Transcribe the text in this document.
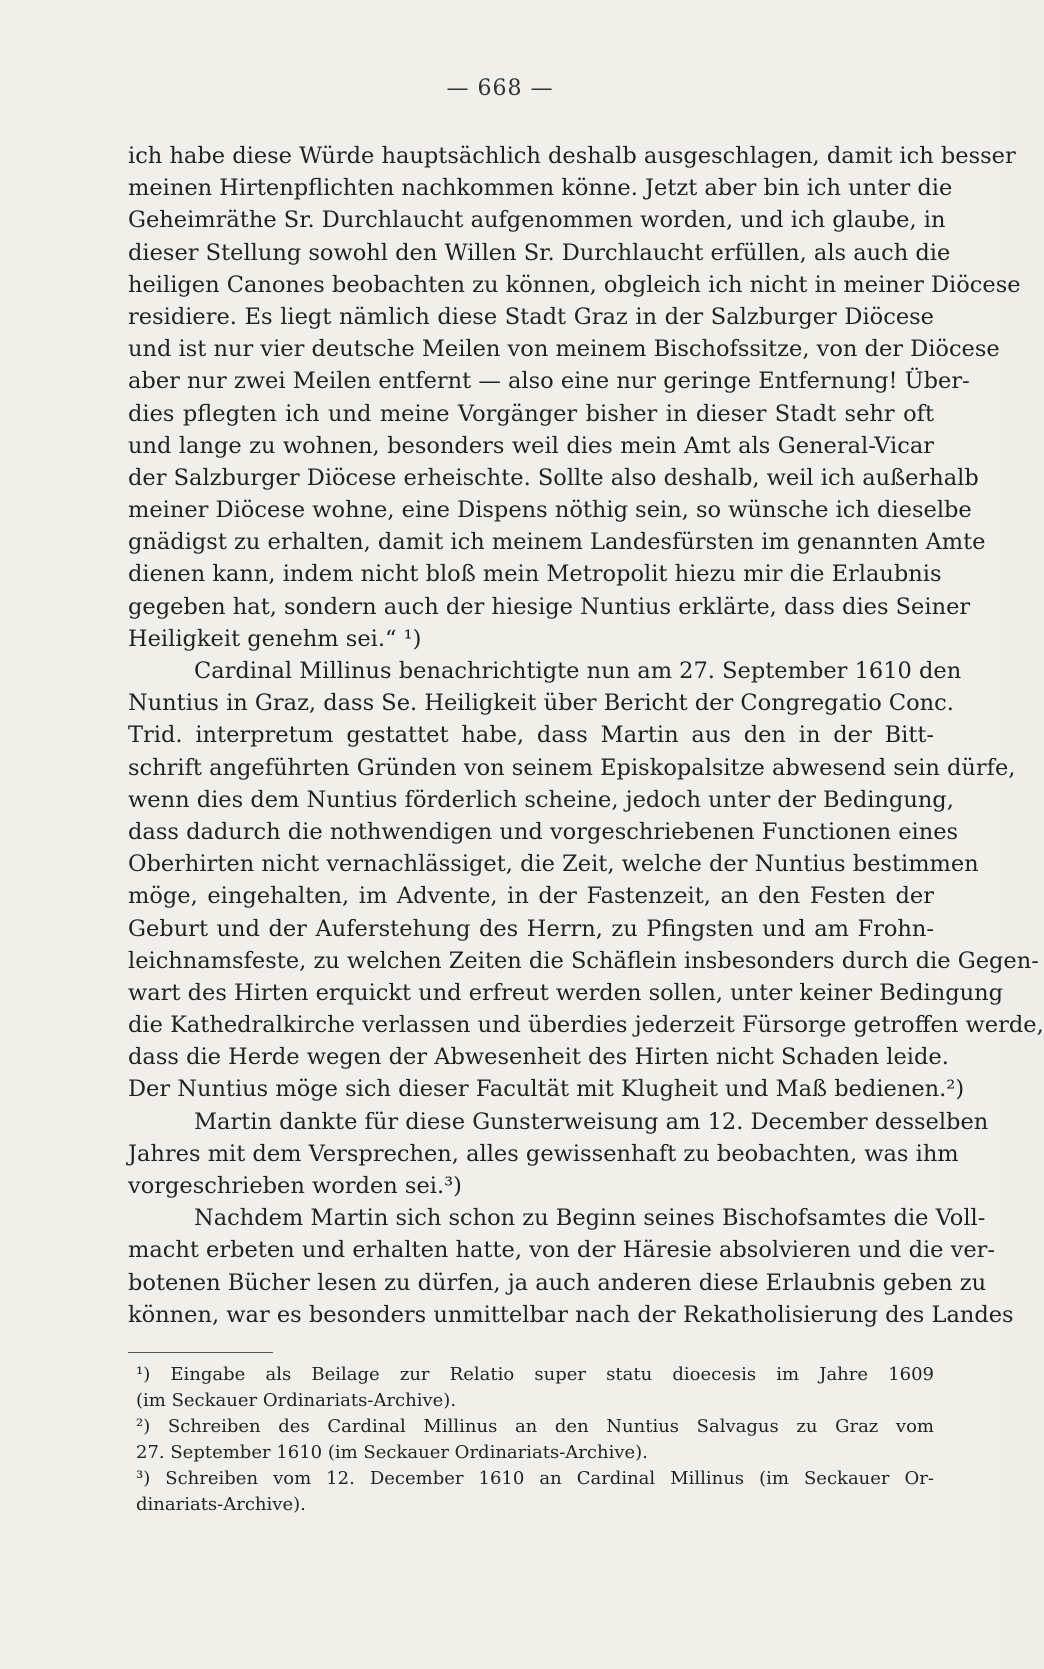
— 668 —
ich habe diese Würde hauptsächlich deshalb ausgeschlagen, damit ich besser
meinen Hirtenpflichten nachkommen könne. Jetzt aber bin ich unter die
Geheimräthe Sr. Durchlaucht aufgenommen worden, und ich glaube, in
dieser Stellung sowohl den Willen Sr. Durchlaucht erfüllen, als auch die
heiligen Canones beobachten zu können, obgleich ich nicht in meiner Diöcese
residiere. Es liegt nämlich diese Stadt Graz in der Salzburger Diöcese
und ist nur vier deutsche Meilen von meinem Bischofssitze, von der Diöcese
aber nur zwei Meilen entfernt — also eine nur geringe Entfernung! Über-
dies pflegten ich und meine Vorgänger bisher in dieser Stadt sehr oft
und lange zu wohnen, besonders weil dies mein Amt als General-Vicar
der Salzburger Diöcese erheischte. Sollte also deshalb, weil ich außerhalb
meiner Diöcese wohne, eine Dispens nöthig sein, so wünsche ich dieselbe
gnädigst zu erhalten, damit ich meinem Landesfürsten im genannten Amte
dienen kann, indem nicht bloß mein Metropolit hiezu mir die Erlaubnis
gegeben hat, sondern auch der hiesige Nuntius erklärte, dass dies Seiner
Heiligkeit genehm sei.“ ¹)
Cardinal Millinus benachrichtigte nun am 27. September 1610 den
Nuntius in Graz, dass Se. Heiligkeit über Bericht der Congregatio Conc.
Trid. interpretum gestattet habe, dass Martin aus den in der Bitt-
schrift angeführten Gründen von seinem Episkopalsitze abwesend sein dürfe,
wenn dies dem Nuntius förderlich scheine, jedoch unter der Bedingung,
dass dadurch die nothwendigen und vorgeschriebenen Functionen eines
Oberhirten nicht vernachlässiget, die Zeit, welche der Nuntius bestimmen
möge, eingehalten, im Advente, in der Fastenzeit, an den Festen der
Geburt und der Auferstehung des Herrn, zu Pfingsten und am Frohn-
leichnamsfeste, zu welchen Zeiten die Schäflein insbesonders durch die Gegen-
wart des Hirten erquickt und erfreut werden sollen, unter keiner Bedingung
die Kathedralkirche verlassen und überdies jederzeit Fürsorge getroffen werde,
dass die Herde wegen der Abwesenheit des Hirten nicht Schaden leide.
Der Nuntius möge sich dieser Facultät mit Klugheit und Maß bedienen.²)
Martin dankte für diese Gunsterweisung am 12. December desselben
Jahres mit dem Versprechen, alles gewissenhaft zu beobachten, was ihm
vorgeschrieben worden sei.³)
Nachdem Martin sich schon zu Beginn seines Bischofsamtes die Voll-
macht erbeten und erhalten hatte, von der Häresie absolvieren und die ver-
botenen Bücher lesen zu dürfen, ja auch anderen diese Erlaubnis geben zu
können, war es besonders unmittelbar nach der Rekatholisierung des Landes
¹) Eingabe als Beilage zur Relatio super statu dioecesis im Jahre 1609
(im Seckauer Ordinariats-Archive).
²) Schreiben des Cardinal Millinus an den Nuntius Salvagus zu Graz vom
27. September 1610 (im Seckauer Ordinariats-Archive).
³) Schreiben vom 12. December 1610 an Cardinal Millinus (im Seckauer Or-
dinariats-Archive).
